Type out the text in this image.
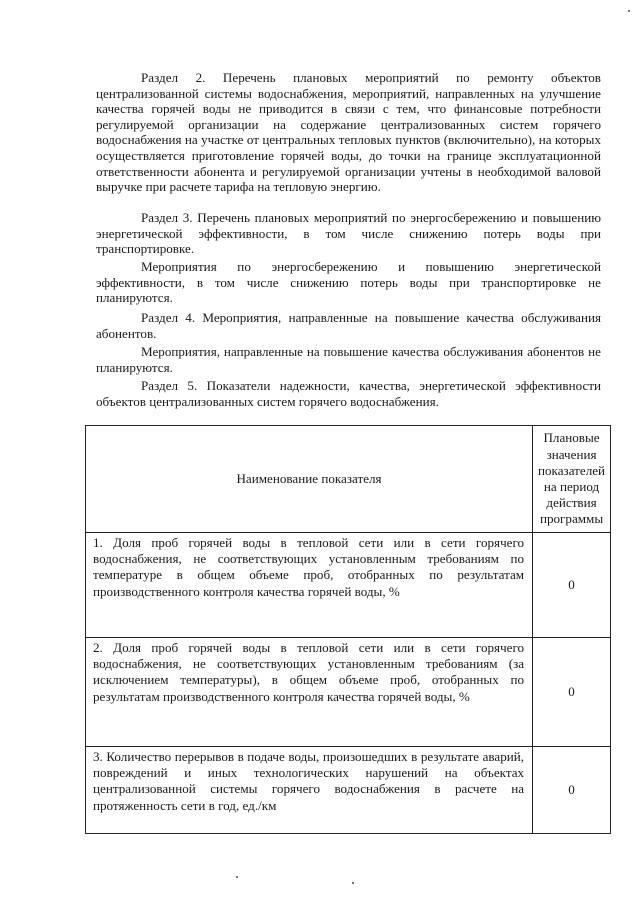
Раздел 2. Перечень плановых мероприятий по ремонту объектов централизованной системы водоснабжения, мероприятий, направленных на улучшение качества горячей воды не приводится в связи с тем, что финансовые потребности регулируемой организации на содержание централизованных систем горячего водоснабжения на участке от центральных тепловых пунктов (включительно), на которых осуществляется приготовление горячей воды, до точки на границе эксплуатационной ответственности абонента и регулируемой организации учтены в необходимой валовой выручке при расчете тарифа на тепловую энергию.

Раздел 3. Перечень плановых мероприятий по энергосбережению и повышению энергетической эффективности, в том числе снижению потерь воды при транспортировке.

Мероприятия по энергосбережению и повышению энергетической эффективности, в том числе снижению потерь воды при транспортировке не планируются.

Раздел 4. Мероприятия, направленные на повышение качества обслуживания абонентов.

Мероприятия, направленные на повышение качества обслуживания абонентов не планируются.

Раздел 5. Показатели надежности, качества, энергетической эффективности объектов централизованных систем горячего водоснабжения.

Наименование показателя	Плановые значения показателей на период действия программы
1. Доля проб горячей воды в тепловой сети или в сети горячего водоснабжения, не соответствующих установленным требованиям по температуре в общем объеме проб, отобранных по результатам производственного контроля качества горячей воды, %	0
2. Доля проб горячей воды в тепловой сети или в сети горячего водоснабжения, не соответствующих установленным требованиям (за исключением температуры), в общем объеме проб, отобранных по результатам производственного контроля качества горячей воды, %	0
3. Количество перерывов в подаче воды, произошедших в результате аварий, повреждений и иных технологических нарушений на объектах централизованной системы горячего водоснабжения в расчете на протяженность сети в год, ед./км	0
